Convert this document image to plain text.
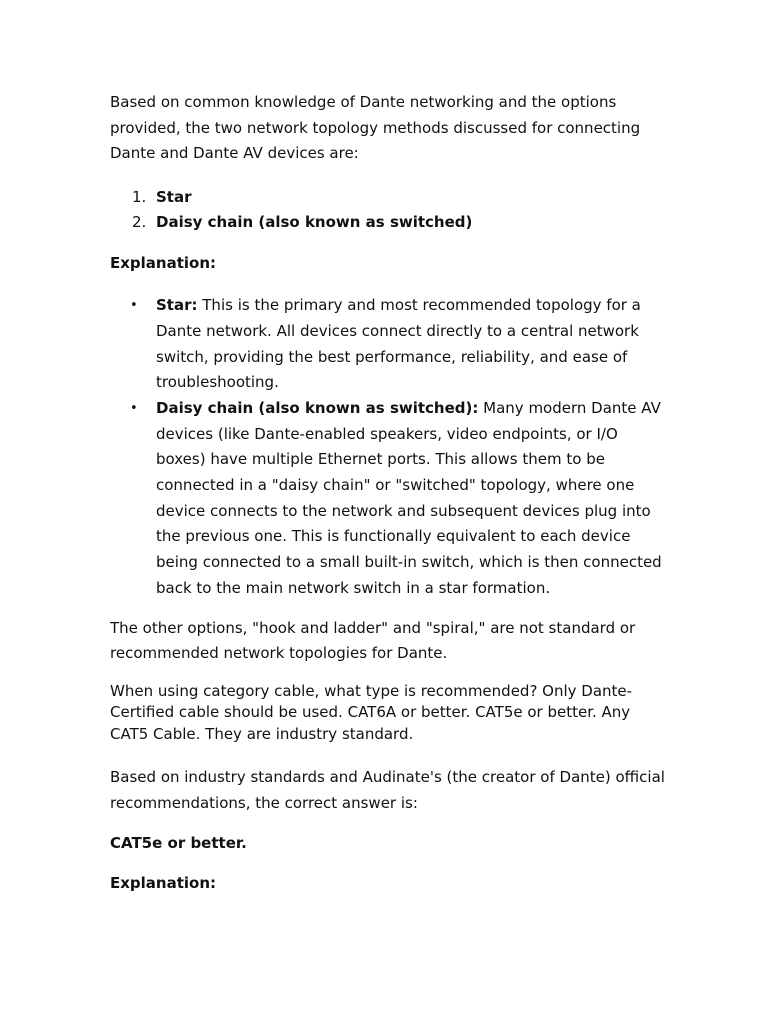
Based on common knowledge of Dante networking and the options provided, the two network topology methods discussed for connecting Dante and Dante AV devices are:

1. Star
2. Daisy chain (also known as switched)

Explanation:

• Star: This is the primary and most recommended topology for a Dante network. All devices connect directly to a central network switch, providing the best performance, reliability, and ease of troubleshooting.
• Daisy chain (also known as switched): Many modern Dante AV devices (like Dante-enabled speakers, video endpoints, or I/O boxes) have multiple Ethernet ports. This allows them to be connected in a "daisy chain" or "switched" topology, where one device connects to the network and subsequent devices plug into the previous one. This is functionally equivalent to each device being connected to a small built-in switch, which is then connected back to the main network switch in a star formation.

The other options, "hook and ladder" and "spiral," are not standard or recommended network topologies for Dante.

When using category cable, what type is recommended? Only Dante-Certified cable should be used. CAT6A or better. CAT5e or better. Any CAT5 Cable. They are industry standard.

Based on industry standards and Audinate's (the creator of Dante) official recommendations, the correct answer is:

CAT5e or better.

Explanation:
